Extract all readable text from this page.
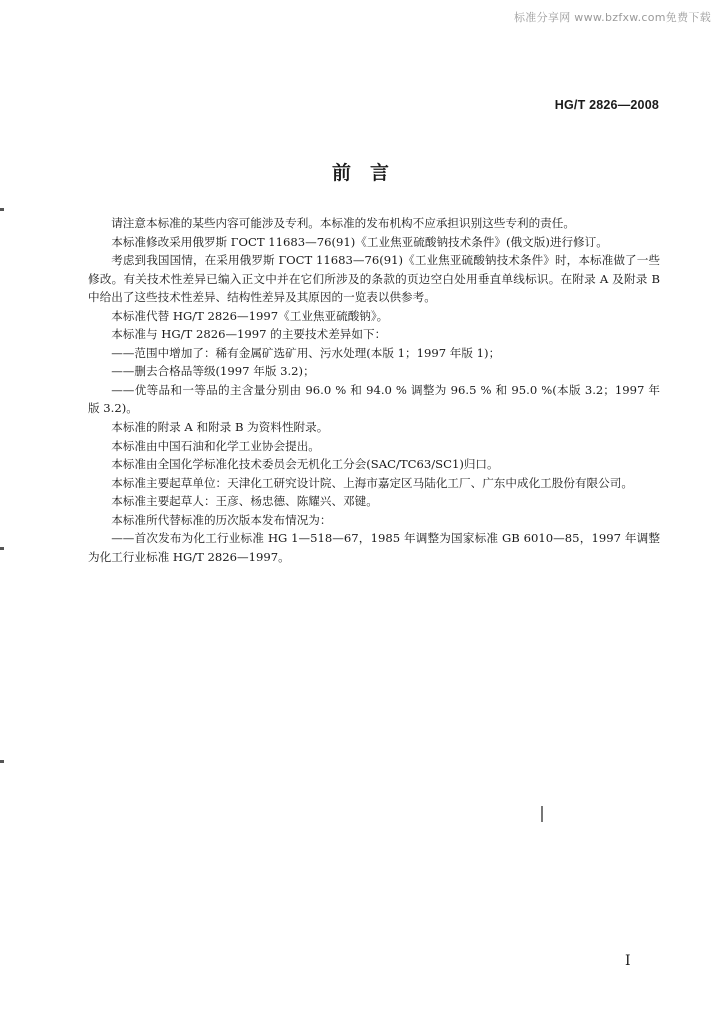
标准分享网 www.bzfxw.com免费下载
HG/T 2826—2008
前　言

请注意本标准的某些内容可能涉及专利。本标准的发布机构不应承担识别这些专利的责任。

本标准修改采用俄罗斯 ГОСТ 11683—76(91)《工业焦亚硫酸钠技术条件》(俄文版)进行修订。

考虑到我国国情，在采用俄罗斯 ГОСТ 11683—76(91)《工业焦亚硫酸钠技术条件》时，本标准做了一些修改。有关技术性差异已编入正文中并在它们所涉及的条款的页边空白处用垂直单线标识。在附录 A 及附录 B 中给出了这些技术性差异、结构性差异及其原因的一览表以供参考。

本标准代替 HG/T 2826—1997《工业焦亚硫酸钠》。

本标准与 HG/T 2826—1997 的主要技术差异如下：

——范围中增加了：稀有金属矿选矿用、污水处理(本版 1；1997 年版 1)；

——删去合格品等级(1997 年版 3.2)；

——优等品和一等品的主含量分别由 96.0 % 和 94.0 % 调整为 96.5 % 和 95.0 %(本版 3.2；1997 年版 3.2)。

本标准的附录 A 和附录 B 为资料性附录。

本标准由中国石油和化学工业协会提出。

本标准由全国化学标准化技术委员会无机化工分会(SAC/TC63/SC1)归口。

本标准主要起草单位：天津化工研究设计院、上海市嘉定区马陆化工厂、广东中成化工股份有限公司。

本标准主要起草人：王彦、杨忠德、陈耀兴、邓键。

本标准所代替标准的历次版本发布情况为：

——首次发布为化工行业标准 HG 1—518—67，1985 年调整为国家标准 GB 6010—85，1997 年调整为化工行业标准 HG/T 2826—1997。

I
